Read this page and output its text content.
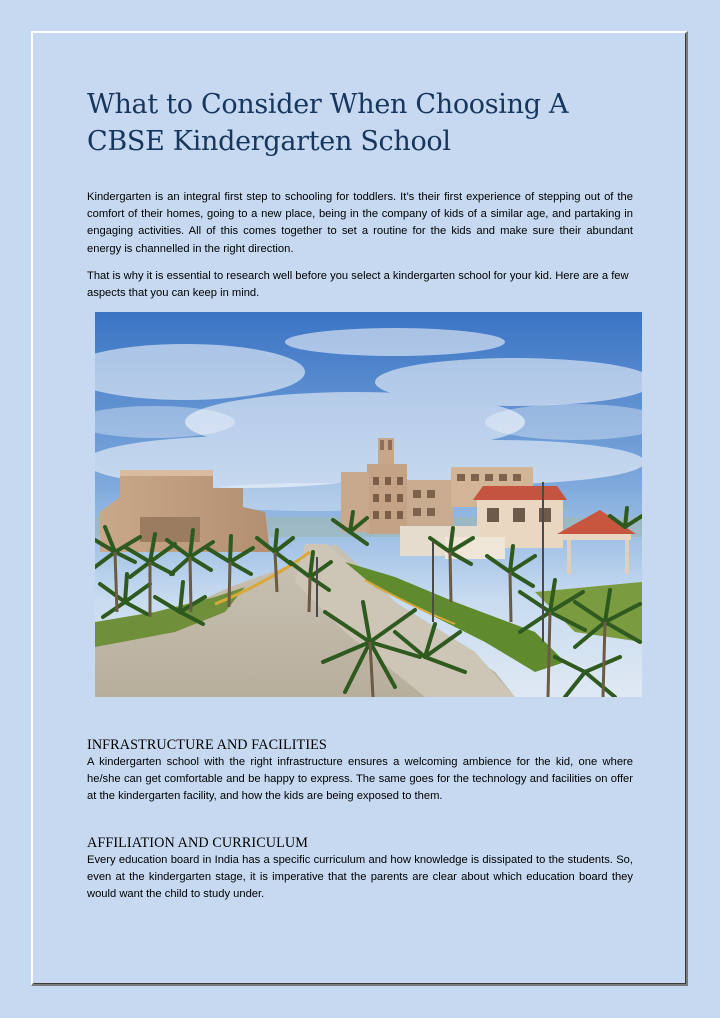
What to Consider When Choosing A CBSE Kindergarten School

Kindergarten is an integral first step to schooling for toddlers. It’s their first experience of stepping out of the comfort of their homes, going to a new place, being in the company of kids of a similar age, and partaking in engaging activities. All of this comes together to set a routine for the kids and make sure their abundant energy is channelled in the right direction.

That is why it is essential to research well before you select a kindergarten school for your kid. Here are a few aspects that you can keep in mind.

INFRASTRUCTURE AND FACILITIES

A kindergarten school with the right infrastructure ensures a welcoming ambience for the kid, one where he/she can get comfortable and be happy to express. The same goes for the technology and facilities on offer at the kindergarten facility, and how the kids are being exposed to them.

AFFILIATION AND CURRICULUM

Every education board in India has a specific curriculum and how knowledge is dissipated to the students. So, even at the kindergarten stage, it is imperative that the parents are clear about which education board they would want the child to study under.
